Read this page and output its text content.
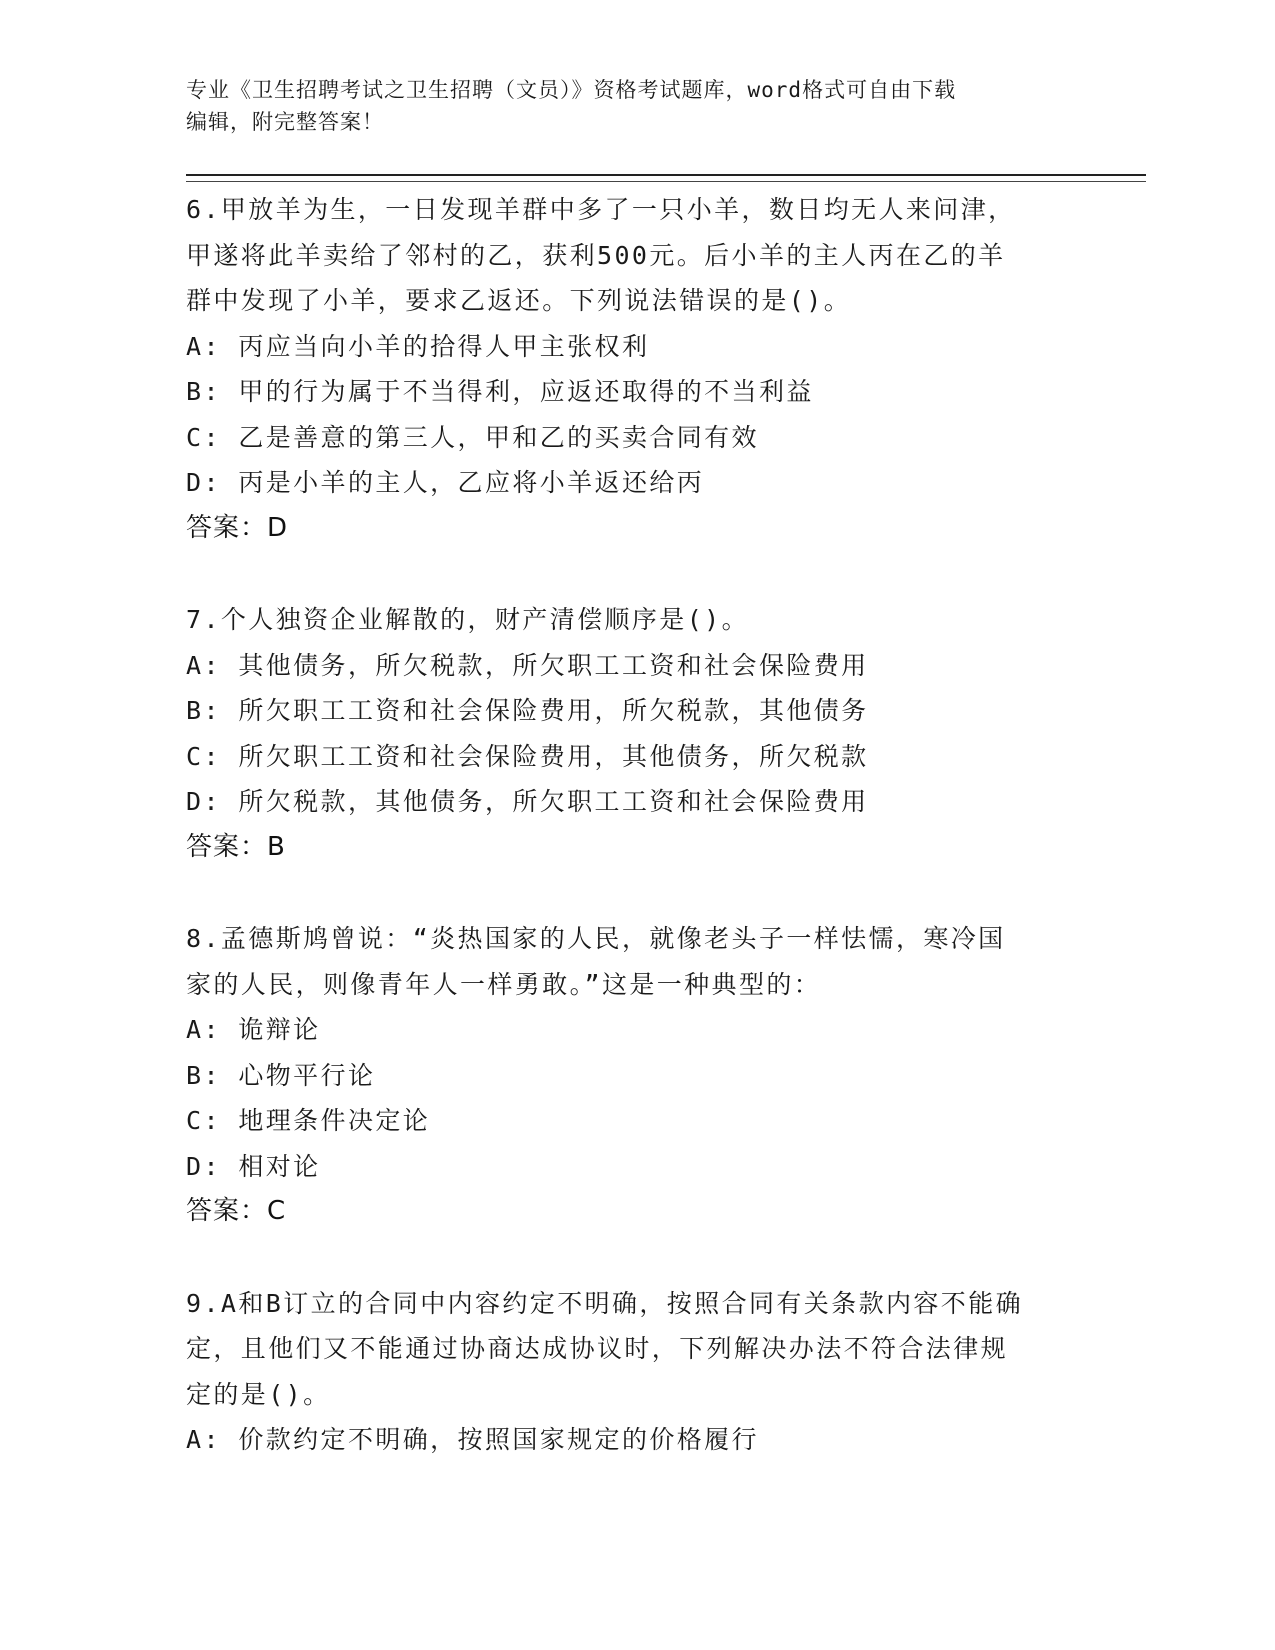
专业《卫生招聘考试之卫生招聘（文员）》资格考试题库，word格式可自由下载
编辑，附完整答案！
6.甲放羊为生，一日发现羊群中多了一只小羊，数日均无人来问津，
甲遂将此羊卖给了邻村的乙，获利500元。后小羊的主人丙在乙的羊
群中发现了小羊，要求乙返还。下列说法错误的是()。
A: 丙应当向小羊的拾得人甲主张权利
B: 甲的行为属于不当得利，应返还取得的不当利益
C: 乙是善意的第三人，甲和乙的买卖合同有效
D: 丙是小羊的主人，乙应将小羊返还给丙
答案：D
7.个人独资企业解散的，财产清偿顺序是()。
A: 其他债务，所欠税款，所欠职工工资和社会保险费用
B: 所欠职工工资和社会保险费用，所欠税款，其他债务
C: 所欠职工工资和社会保险费用，其他债务，所欠税款
D: 所欠税款，其他债务，所欠职工工资和社会保险费用
答案：B
8.孟德斯鸠曾说：“炎热国家的人民，就像老头子一样怯懦，寒冷国
家的人民，则像青年人一样勇敢。”这是一种典型的：
A: 诡辩论
B: 心物平行论
C: 地理条件决定论
D: 相对论
答案：C
9.A和B订立的合同中内容约定不明确，按照合同有关条款内容不能确
定，且他们又不能通过协商达成协议时，下列解决办法不符合法律规
定的是()。
A: 价款约定不明确，按照国家规定的价格履行
